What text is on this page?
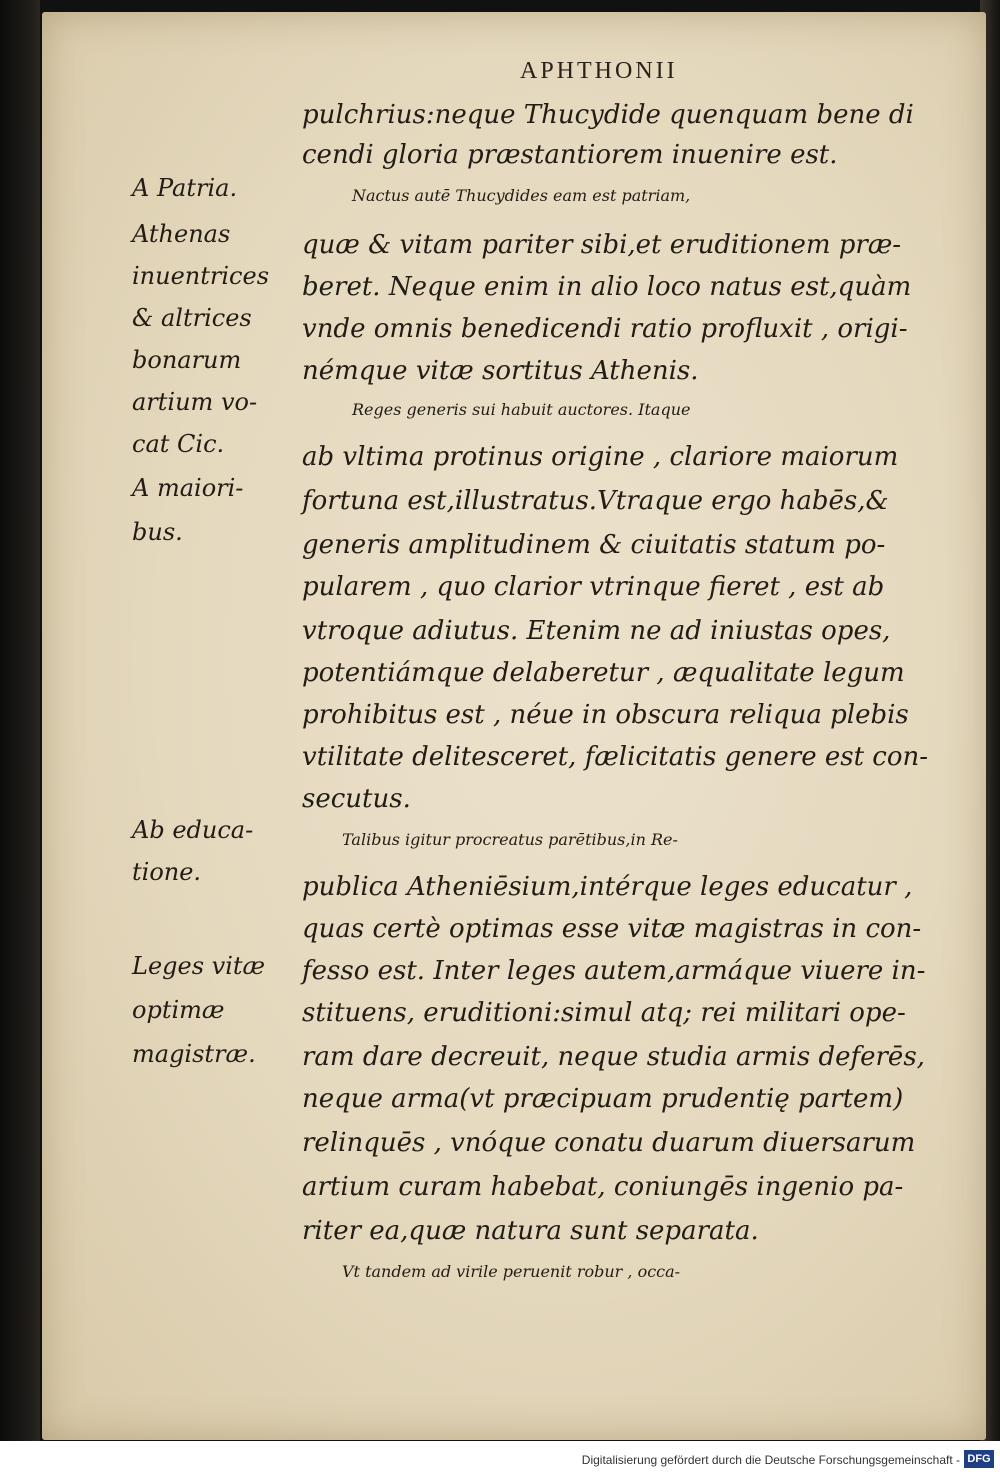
APHTHONII
pulchrius:neque Thucydide quenquam bene di
cendi gloria præstantiorem inuenire est.
Nactus autē Thucydides eam est patriam,
quæ & vitam pariter sibi,et eruditionem præ-
beret. Neque enim in alio loco natus est,quàm
vnde omnis benedicendi ratio profluxit , origi-
némque vitæ sortitus Athenis.
Reges generis sui habuit auctores. Itaque
ab vltima protinus origine , clariore maiorum
fortuna est,illustratus.Vtraque ergo habēs,&
generis amplitudinem & ciuitatis statum po-
pularem , quo clarior vtrinque fieret , est ab
vtroque adiutus. Etenim ne ad iniustas opes,
potentiámque delaberetur , æqualitate legum
prohibitus est , néue in obscura reliqua plebis
vtilitate delitesceret, fælicitatis genere est con-
secutus.
Talibus igitur procreatus parētibus,in Re-
publica Atheniēsium,intérque leges educatur ,
quas certè optimas esse vitæ magistras in con-
fesso est. Inter leges autem,armáque viuere in-
stituens, eruditioni:simul atq; rei militari ope-
ram dare decreuit, neque studia armis deferēs,
neque arma(vt præcipuam prudentię partem)
relinquēs , vnóque conatu duarum diuersarum
artium curam habebat, coniungēs ingenio pa-
riter ea,quæ natura sunt separata.
Vt tandem ad virile peruenit robur , occa-
A Patria.
Athenas
inuentrices
& altrices
bonarum
artium vo-
cat Cic.
A maiori-
bus.
Ab educa-
tione.
Leges vitæ
optimæ
magistræ.
Digitalisierung gefördert durch die Deutsche Forschungsgemeinschaft - DFG
